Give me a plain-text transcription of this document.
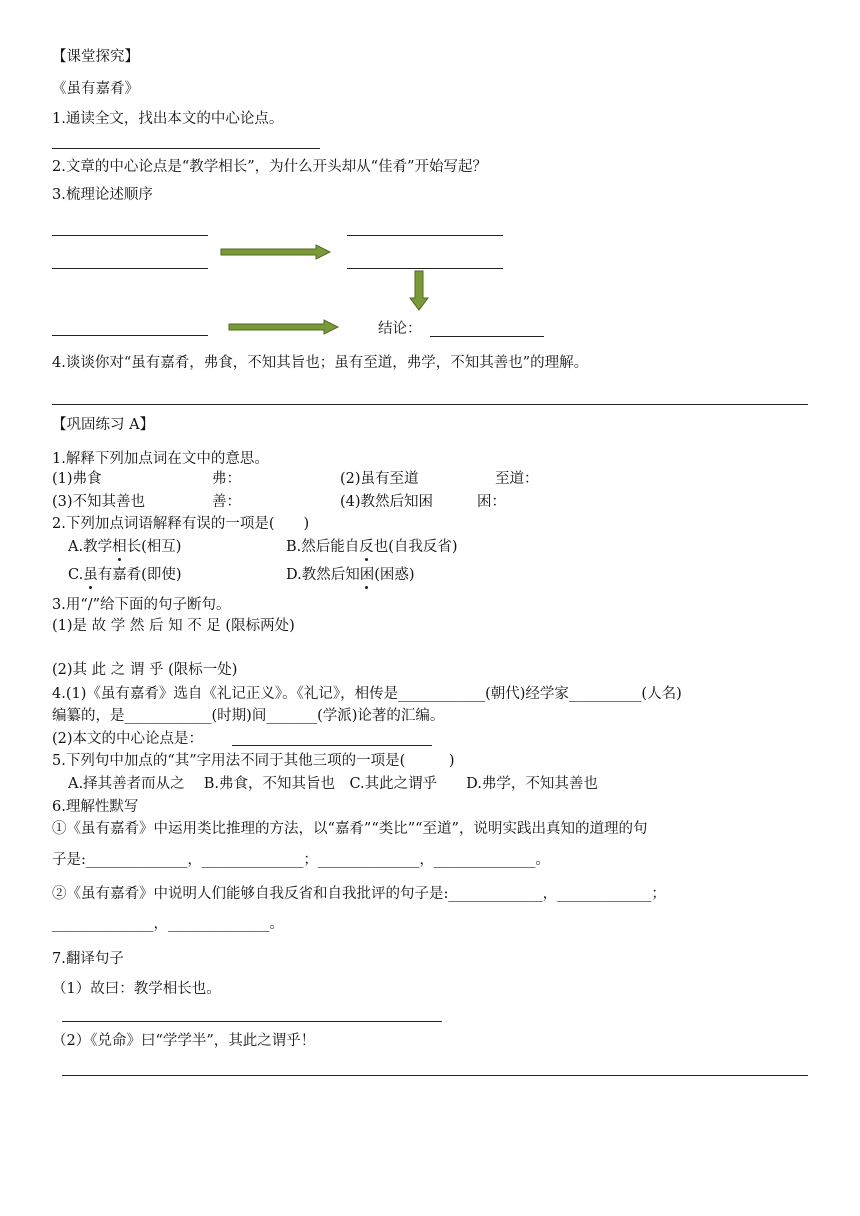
【课堂探究】
《虽有嘉肴》
1.通读全文，找出本文的中心论点。
2.文章的中心论点是“教学相长”，为什么开头却从“佳肴”开始写起？
3.梳理论述顺序
结论：
4.谈谈你对“虽有嘉肴，弗食，不知其旨也；虽有至道，弗学，不知其善也”的理解。
【巩固练习 A】
1.解释下列加点词在文中的意思。
(1)弗食	弗：	(2)虽有至道	至道：
(3)不知其善也	善：	(4)教然后知困	困：
2.下列加点词语解释有误的一项是(　　)
A.教学相长(相互)	B.然后能自反也(自我反省)
C.虽有嘉肴(即使)	D.教然后知困(困惑)
3.用“/”给下面的句子断句。
(1)是 故 学 然 后 知 不 足 (限标两处)
(2)其 此 之 谓 乎 (限标一处)
4.(1)《虽有嘉肴》选自《礼记正义》。《礼记》，相传是____________(朝代)经学家__________(人名)
编纂的，是____________(时期)间_______(学派)论著的汇编。
(2)本文的中心论点是：
5.下列句中加点的“其”字用法不同于其他三项的一项是(　　　)
A.择其善者而从之　 B.弗食，不知其旨也　C.其此之谓乎　　D.弗学，不知其善也
6.理解性默写
①《虽有嘉肴》中运用类比推理的方法，以“嘉肴”“类比”“至道”，说明实践出真知的道理的句
子是:______________，______________；______________，______________。
②《虽有嘉肴》中说明人们能够自我反省和自我批评的句子是:_____________，_____________；
______________，______________。
7.翻译句子
（1）故曰：教学相长也。
（2）《兑命》曰“学学半”，其此之谓乎！
